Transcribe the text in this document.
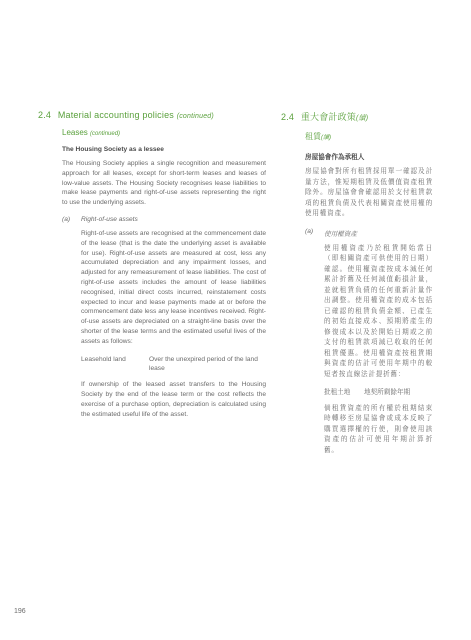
2.4 Material accounting policies (continued)
Leases (continued)
The Housing Society as a lessee
The Housing Society applies a single recognition and measurement approach for all leases, except for short-term leases and leases of low-value assets. The Housing Society recognises lease liabilities to make lease payments and right-of-use assets representing the right to use the underlying assets.
(a)	Right-of-use assets
Right-of-use assets are recognised at the commencement date of the lease (that is the date the underlying asset is available for use). Right-of-use assets are measured at cost, less any accumulated depreciation and any impairment losses, and adjusted for any remeasurement of lease liabilities. The cost of right-of-use assets includes the amount of lease liabilities recognised, initial direct costs incurred, reinstatement costs expected to incur and lease payments made at or before the commencement date less any lease incentives received. Right-of-use assets are depreciated on a straight-line basis over the shorter of the lease terms and the estimated useful lives of the assets as follows:
Leasehold land	Over the unexpired period of the land lease
If ownership of the leased asset transfers to the Housing Society by the end of the lease term or the cost reflects the exercise of a purchase option, depreciation is calculated using the estimated useful life of the asset.
2.4 重大會計政策(續)
租賃(續)
房屋協會作為承租人
房屋協會對所有租賃採用單一確認及計量方法，惟短期租賃及低價值資產租賃除外。房屋協會會確認用於支付租賃款項的租賃負債及代表相關資產使用權的使用權資產。
(a)	使用權資產
使用權資產乃於租賃開始當日（即相關資產可供使用的日期）確認。使用權資產按成本減任何累計折舊及任何減值虧損計量，並就租賃負債的任何重新計量作出調整。使用權資產的成本包括已確認的租賃負債金額、已產生的初始直接成本、預期將產生的修復成本以及於開始日期或之前支付的租賃款項減已收取的任何租賃優惠。使用權資產按租賃期與資產的估計可使用年期中的較短者按直線法計提折舊：
批租土地	地契所剩餘年期
倘租賃資產的所有權於租期結束時轉移至房屋協會或成本反映了購買選擇權的行使，則會使用該資產的估計可使用年期計算折舊。
196
